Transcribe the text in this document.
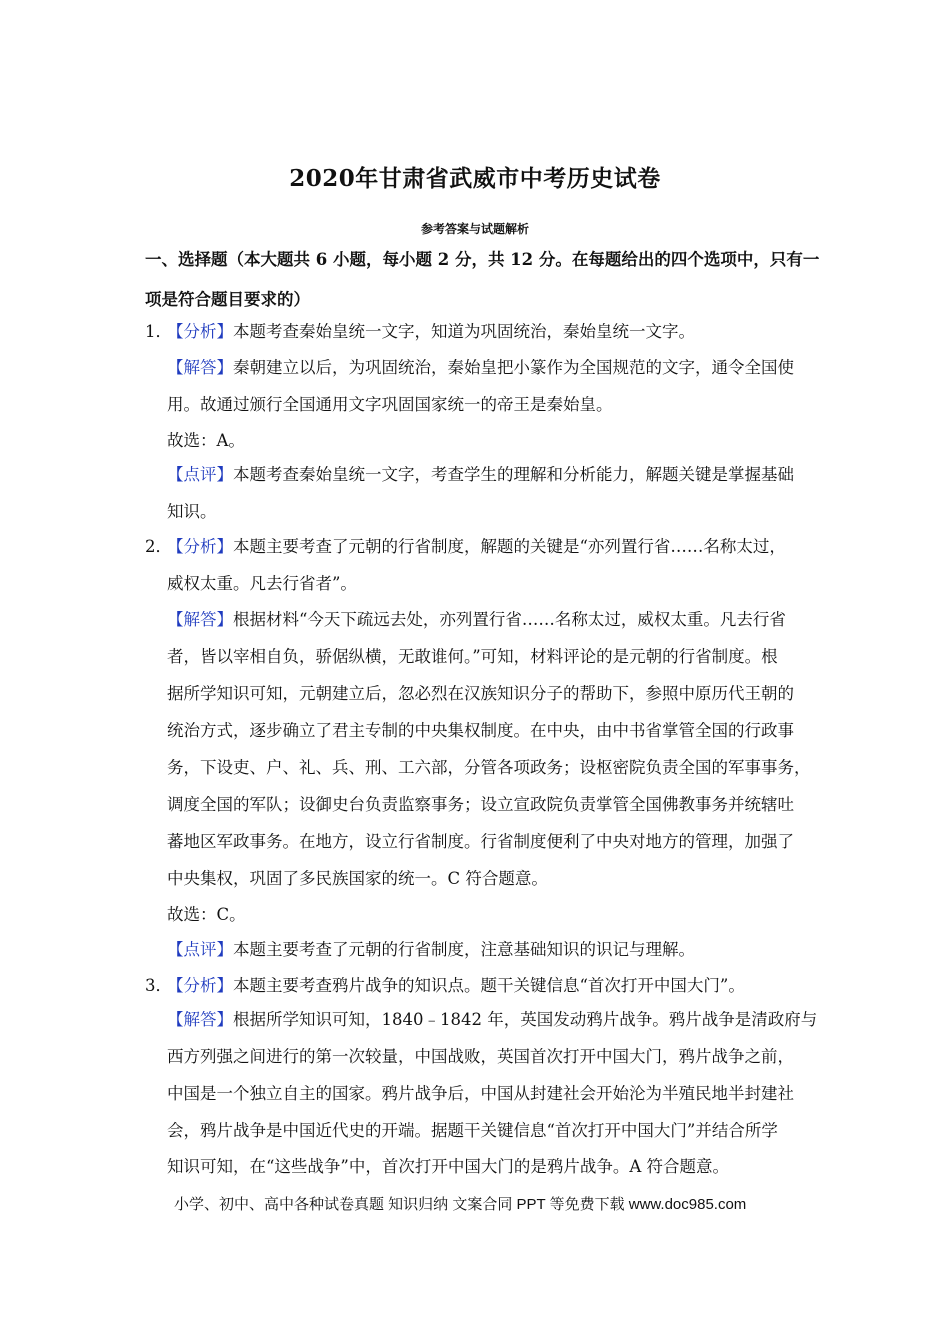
2020年甘肃省武威市中考历史试卷
参考答案与试题解析
一、选择题（本大题共 6 小题，每小题 2 分，共 12 分。在每题给出的四个选项中，只有一
项是符合题目要求的）
1．
【分析】本题考查秦始皇统一文字，知道为巩固统治，秦始皇统一文字。
【解答】秦朝建立以后，为巩固统治，秦始皇把小篆作为全国规范的文字，通令全国使
用。故通过颁行全国通用文字巩固国家统一的帝王是秦始皇。
故选：A。
【点评】本题考查秦始皇统一文字，考查学生的理解和分析能力，解题关键是掌握基础
知识。
2．
【分析】本题主要考查了元朝的行省制度，解题的关键是“亦列置行省……名称太过，
威权太重。凡去行省者”。
【解答】根据材料“今天下疏远去处，亦列置行省……名称太过，威权太重。凡去行省
者，皆以宰相自负，骄倨纵横，无敢谁何。”可知，材料评论的是元朝的行省制度。根
据所学知识可知，元朝建立后，忽必烈在汉族知识分子的帮助下，参照中原历代王朝的
统治方式，逐步确立了君主专制的中央集权制度。在中央，由中书省掌管全国的行政事
务，下设吏、户、礼、兵、刑、工六部，分管各项政务；设枢密院负责全国的军事事务，
调度全国的军队；设御史台负责监察事务；设立宣政院负责掌管全国佛教事务并统辖吐
蕃地区军政事务。在地方，设立行省制度。行省制度便利了中央对地方的管理，加强了
中央集权，巩固了多民族国家的统一。C 符合题意。
故选：C。
【点评】本题主要考查了元朝的行省制度，注意基础知识的识记与理解。
3．
【分析】本题主要考查鸦片战争的知识点。题干关键信息“首次打开中国大门”。
【解答】根据所学知识可知，1840﹣1842 年，英国发动鸦片战争。鸦片战争是清政府与
西方列强之间进行的第一次较量，中国战败，英国首次打开中国大门，鸦片战争之前，
中国是一个独立自主的国家。鸦片战争后，中国从封建社会开始沦为半殖民地半封建社
会，鸦片战争是中国近代史的开端。据题干关键信息“首次打开中国大门”并结合所学
知识可知，在“这些战争”中，首次打开中国大门的是鸦片战争。A 符合题意。
小学、初中、高中各种试卷真题 知识归纳 文案合同 PPT 等免费下载 www.doc985.com
